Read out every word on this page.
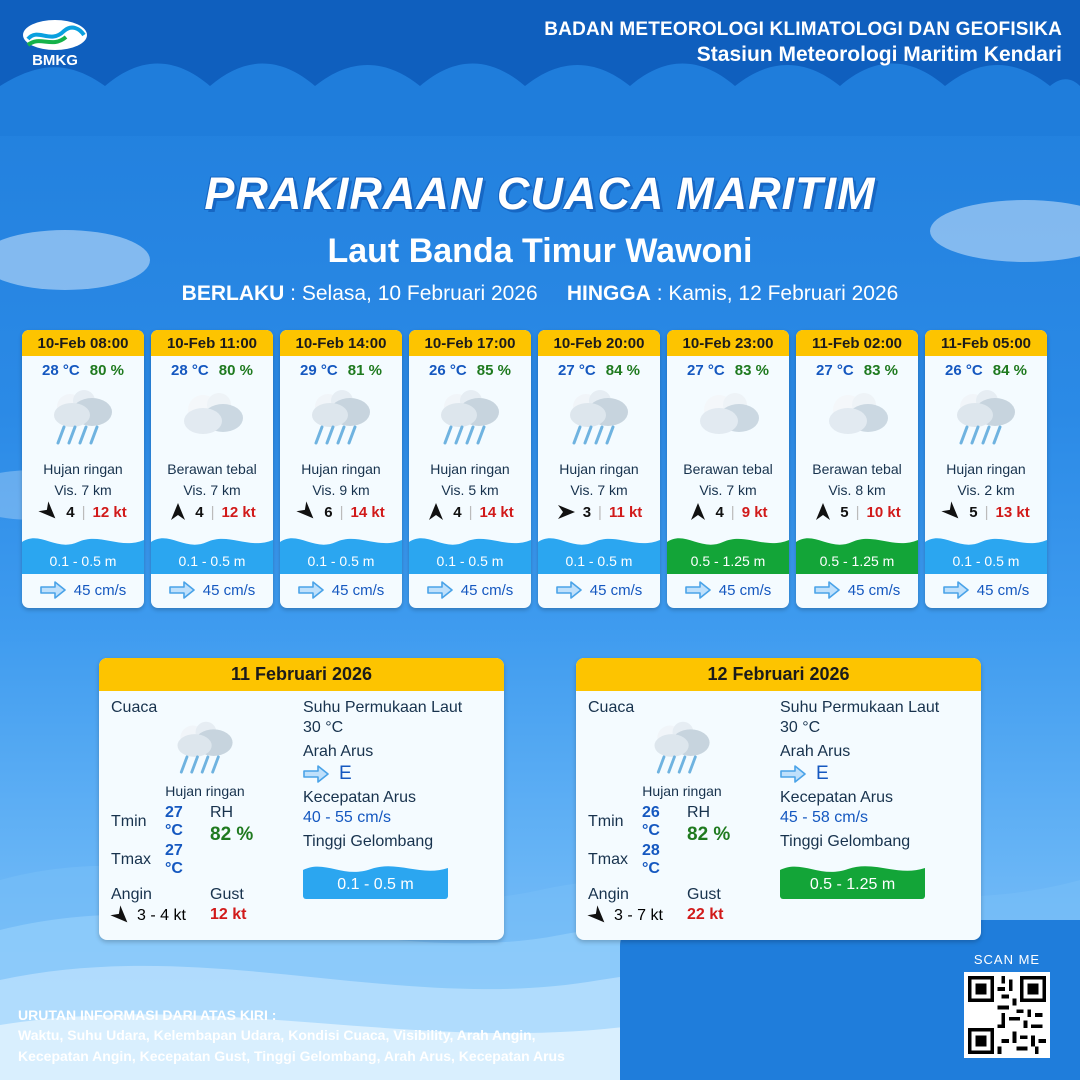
BMKG
BADAN METEOROLOGI KLIMATOLOGI DAN GEOFISIKA
Stasiun Meteorologi Maritim Kendari
PRAKIRAAN CUACA MARITIM
Laut Banda Timur Wawoni
BERLAKU : Selasa, 10 Februari 2026 HINGGA : Kamis, 12 Februari 2026
10-Feb 08:00
28 °C 80 %
Hujan ringan
Vis. 7 km
4 | 12 kt
0.1 - 0.5 m
45 cm/s
10-Feb 11:00
28 °C 80 %
Berawan tebal
Vis. 7 km
4 | 12 kt
0.1 - 0.5 m
45 cm/s
10-Feb 14:00
29 °C 81 %
Hujan ringan
Vis. 9 km
6 | 14 kt
0.1 - 0.5 m
45 cm/s
10-Feb 17:00
26 °C 85 %
Hujan ringan
Vis. 5 km
4 | 14 kt
0.1 - 0.5 m
45 cm/s
10-Feb 20:00
27 °C 84 %
Hujan ringan
Vis. 7 km
3 | 11 kt
0.1 - 0.5 m
45 cm/s
10-Feb 23:00
27 °C 83 %
Berawan tebal
Vis. 7 km
4 | 9 kt
0.5 - 1.25 m
45 cm/s
11-Feb 02:00
27 °C 83 %
Berawan tebal
Vis. 8 km
5 | 10 kt
0.5 - 1.25 m
45 cm/s
11-Feb 05:00
26 °C 84 %
Hujan ringan
Vis. 2 km
5 | 13 kt
0.1 - 0.5 m
45 cm/s
11 Februari 2026
Cuaca
Hujan ringan
Tmin
27 °C
Tmax
27 °C
RH
82 %
Angin
3 - 4 kt
Gust
12 kt
Suhu Permukaan Laut
30 °C
Arah Arus
E
Kecepatan Arus
40 - 55 cm/s
Tinggi Gelombang
0.1 - 0.5 m
12 Februari 2026
Cuaca
Hujan ringan
Tmin
26 °C
Tmax
28 °C
RH
82 %
Angin
3 - 7 kt
Gust
22 kt
Suhu Permukaan Laut
30 °C
Arah Arus
E
Kecepatan Arus
45 - 58 cm/s
Tinggi Gelombang
0.5 - 1.25 m
URUTAN INFORMASI DARI ATAS KIRI :
Waktu, Suhu Udara, Kelembapan Udara, Kondisi Cuaca, Visibility, Arah Angin,
Kecepatan Angin, Kecepatan Gust, Tinggi Gelombang, Arah Arus, Kecepatan Arus
SCAN ME
